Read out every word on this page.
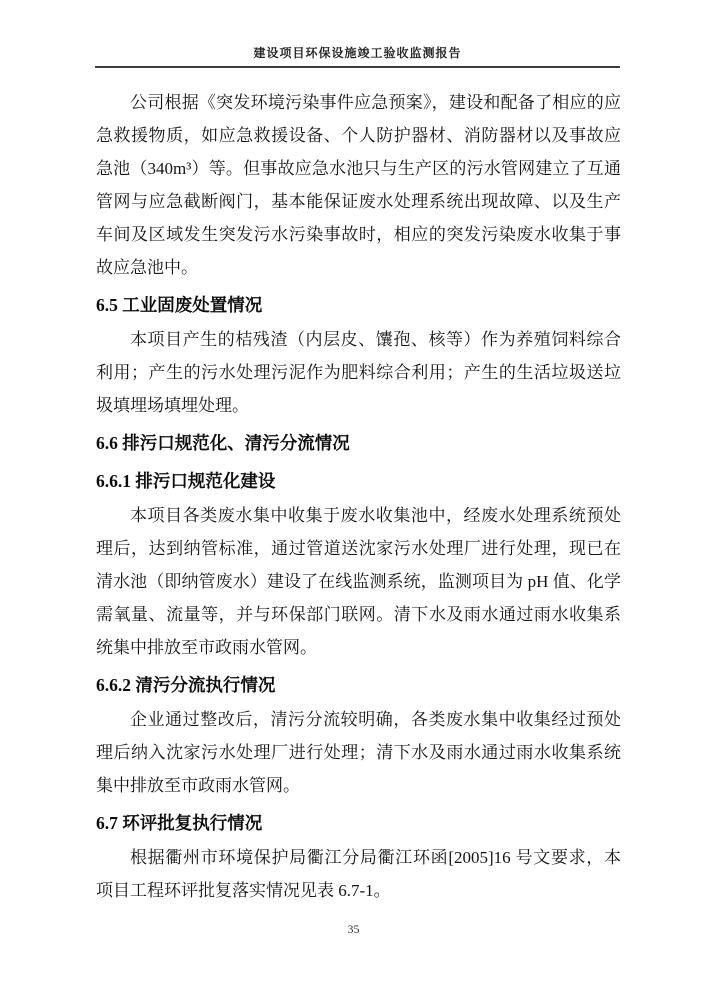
建设项目环保设施竣工验收监测报告

公司根据《突发环境污染事件应急预案》，建设和配备了相应的应急救援物质，如应急救援设备、个人防护器材、消防器材以及事故应急池（340m³）等。但事故应急水池只与生产区的污水管网建立了互通管网与应急截断阀门，基本能保证废水处理系统出现故障、以及生产车间及区域发生突发污水污染事故时，相应的突发污染废水收集于事故应急池中。

6.5 工业固废处置情况

本项目产生的桔残渣（内层皮、馕孢、核等）作为养殖饲料综合利用；产生的污水处理污泥作为肥料综合利用；产生的生活垃圾送垃圾填埋场填埋处理。

6.6 排污口规范化、清污分流情况
6.6.1 排污口规范化建设

本项目各类废水集中收集于废水收集池中，经废水处理系统预处理后，达到纳管标准，通过管道送沈家污水处理厂进行处理，现已在清水池（即纳管废水）建设了在线监测系统，监测项目为 pH 值、化学需氧量、流量等，并与环保部门联网。清下水及雨水通过雨水收集系统集中排放至市政雨水管网。

6.6.2 清污分流执行情况

企业通过整改后，清污分流较明确，各类废水集中收集经过预处理后纳入沈家污水处理厂进行处理；清下水及雨水通过雨水收集系统集中排放至市政雨水管网。

6.7 环评批复执行情况

根据衢州市环境保护局衢江分局衢江环函[2005]16 号文要求，本项目工程环评批复落实情况见表 6.7-1。

35
